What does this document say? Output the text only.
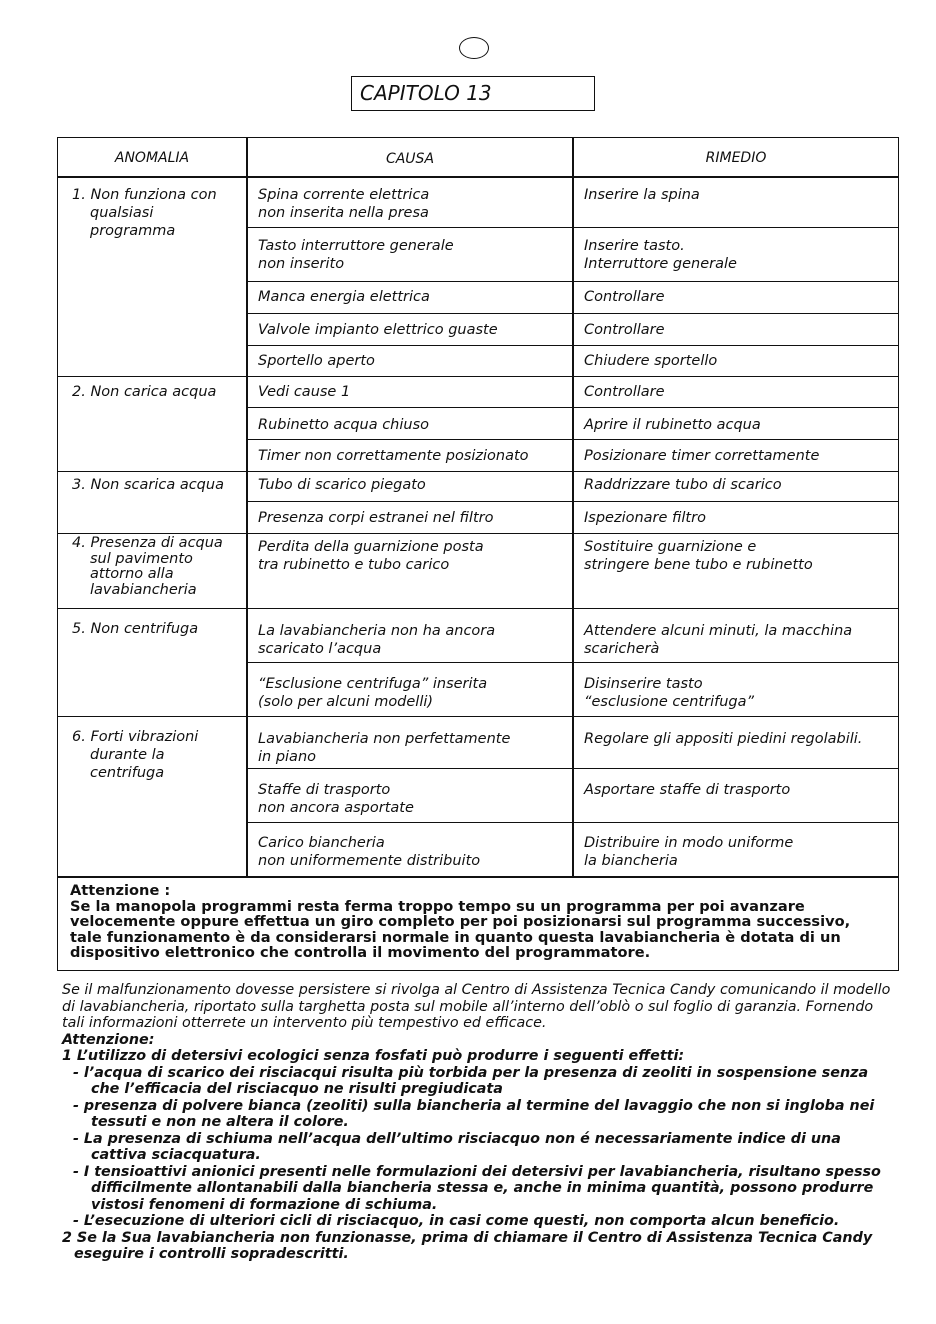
CAPITOLO 13
ANOMALIA	CAUSA	RIMEDIO
1. Non funziona con
qualsiasi
programma
2. Non carica acqua
3. Non scarica acqua
4. Presenza di acqua
sul pavimento
attorno alla
lavabiancheria
5. Non centrifuga
6. Forti vibrazioni
durante la
centrifuga
Spina corrente elettrica
non inserita nella presa
Tasto interruttore generale
non inserito
Manca energia elettrica
Valvole impianto elettrico guaste
Sportello aperto
Vedi cause 1
Rubinetto acqua chiuso
Timer non correttamente posizionato
Tubo di scarico piegato
Presenza corpi estranei nel filtro
Perdita della guarnizione posta
tra rubinetto e tubo carico
La lavabiancheria non ha ancora
scaricato l’acqua
“Esclusione centrifuga” inserita
(solo per alcuni modelli)
Lavabiancheria non perfettamente
in piano
Staffe di trasporto
non ancora asportate
Carico biancheria
non uniformemente distribuito
Inserire la spina
Inserire tasto.
Interruttore generale
Controllare
Controllare
Chiudere sportello
Controllare
Aprire il rubinetto acqua
Posizionare timer correttamente
Raddrizzare tubo di scarico
Ispezionare filtro
Sostituire guarnizione e
stringere bene tubo e rubinetto
Attendere alcuni minuti, la macchina
scaricherà
Disinserire tasto
“esclusione centrifuga”
Regolare gli appositi piedini regolabili.
Asportare staffe di trasporto
Distribuire in modo uniforme
la biancheria
Attenzione :
Se la manopola programmi resta ferma troppo tempo su un programma per poi avanzare velocemente oppure effettua un giro completo per poi posizionarsi sul programma successivo, tale funzionamento è da considerarsi normale in quanto questa lavabiancheria è dotata di un dispositivo elettronico che controlla il movimento del programmatore.
Se il malfunzionamento dovesse persistere si rivolga al Centro di Assistenza Tecnica Candy comunicando il modello di lavabiancheria, riportato sulla targhetta posta sul mobile all’interno dell’oblò o sul foglio di garanzia. Fornendo tali informazioni otterrete un intervento più tempestivo ed efficace.
Attenzione:
1 L’utilizzo di detersivi ecologici senza fosfati può produrre i seguenti effetti:
- l’acqua di scarico dei risciacqui risulta più torbida per la presenza di zeoliti in sospensione senza che l’efficacia del risciacquo ne risulti pregiudicata
- presenza di polvere bianca (zeoliti) sulla biancheria al termine del lavaggio che non si ingloba nei tessuti e non ne altera il colore.
- La presenza di schiuma nell’acqua dell’ultimo risciacquo non é necessariamente indice di una cattiva sciacquatura.
- I tensioattivi anionici presenti nelle formulazioni dei detersivi per lavabiancheria, risultano spesso difficilmente allontanabili dalla biancheria stessa e, anche in minima quantità, possono produrre vistosi fenomeni di formazione di schiuma.
- L’esecuzione di ulteriori cicli di risciacquo, in casi come questi, non comporta alcun beneficio.
2 Se la Sua lavabiancheria non funzionasse, prima di chiamare il Centro di Assistenza Tecnica Candy eseguire i controlli sopradescritti.
